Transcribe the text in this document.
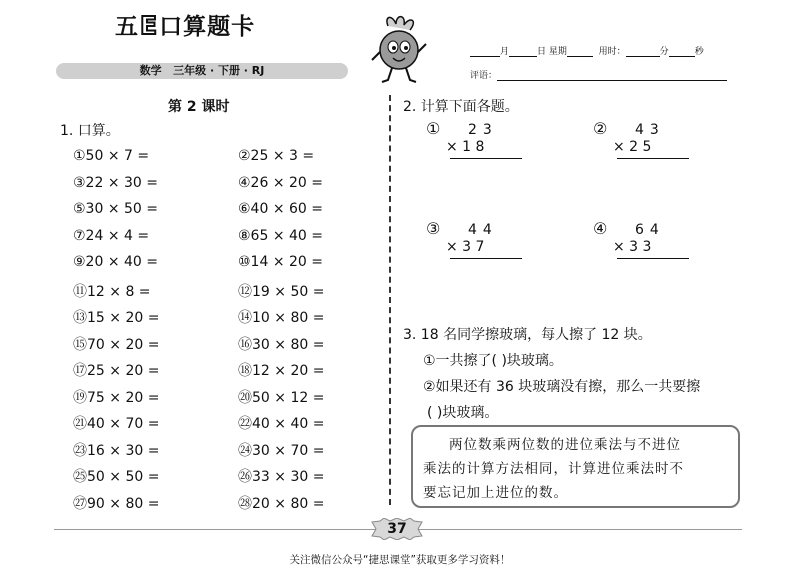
五E口算题卡
数学   三年级 · 下册 · RJ
月	日 星期	用时：	分	秒
评语：
第 2 课时
1. 口算。
①50 × 7 =	②25 × 3 =
③22 × 30 =	④26 × 20 =
⑤30 × 50 =	⑥40 × 60 =
⑦24 × 4 =	⑧65 × 40 =
⑨20 × 40 =	⑩14 × 20 =
⑪12 × 8 =	⑫19 × 50 =
⑬15 × 20 =	⑭10 × 80 =
⑮70 × 20 =	⑯30 × 80 =
⑰25 × 20 =	⑱12 × 20 =
⑲75 × 20 =	⑳50 × 12 =
㉑40 × 70 =	㉒40 × 40 =
㉓16 × 30 =	㉔30 × 70 =
㉕50 × 50 =	㉖33 × 30 =
㉗90 × 80 =	㉘20 × 80 =
2. 计算下面各题。
① 23
× 1 8
② 43
× 2 5
③ 44
× 3 7
④ 64
× 3 3
3. 18 名同学擦玻璃，每人擦了 12 块。
①一共擦了( )块玻璃。
②如果还有 36 块玻璃没有擦，那么一共要擦
( )块玻璃。
两位数乘两位数的进位乘法与不进位
乘法的计算方法相同，计算进位乘法时不
要忘记加上进位的数。
37
关注微信公众号“捷思课堂”获取更多学习资料！
